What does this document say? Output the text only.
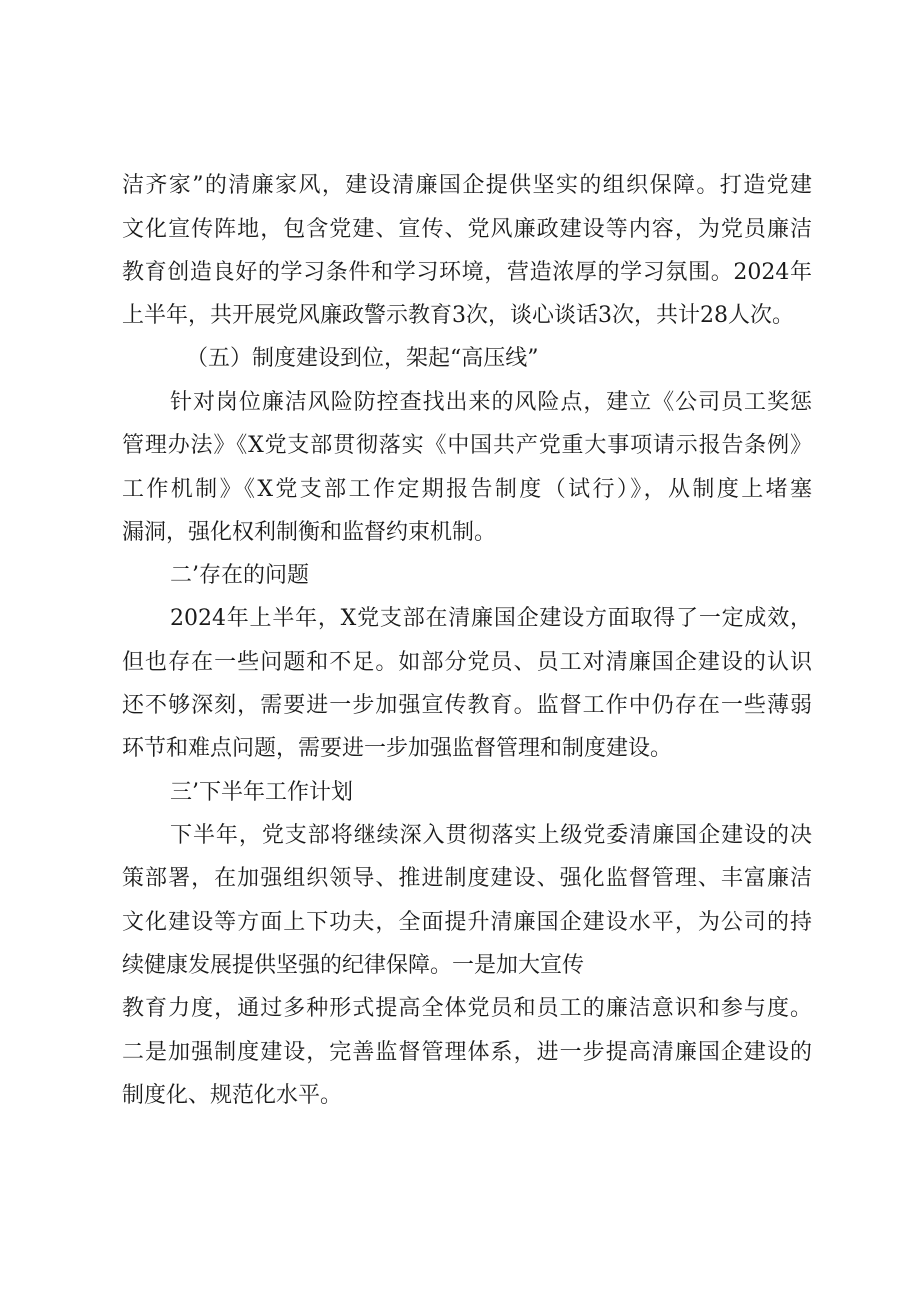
洁齐家”的清廉家风，建设清廉国企提供坚实的组织保障。打造党建
文化宣传阵地，包含党建、宣传、党风廉政建设等内容，为党员廉洁
教育创造良好的学习条件和学习环境，营造浓厚的学习氛围。2024年
上半年，共开展党风廉政警示教育3次，谈心谈话3次，共计28人次。
（五）制度建设到位，架起“高压线”
针对岗位廉洁风险防控查找出来的风险点，建立《公司员工奖惩
管理办法》《X党支部贯彻落实《中国共产党重大事项请示报告条例》
工作机制》《X党支部工作定期报告制度（试行）》，从制度上堵塞
漏洞，强化权利制衡和监督约束机制。
二’存在的问题
2024年上半年，X党支部在清廉国企建设方面取得了一定成效，
但也存在一些问题和不足。如部分党员、员工对清廉国企建设的认识
还不够深刻，需要进一步加强宣传教育。监督工作中仍存在一些薄弱
环节和难点问题，需要进一步加强监督管理和制度建设。
三’下半年工作计划
下半年，党支部将继续深入贯彻落实上级党委清廉国企建设的决
策部署，在加强组织领导、推进制度建设、强化监督管理、丰富廉洁
文化建设等方面上下功夫，全面提升清廉国企建设水平，为公司的持
续健康发展提供坚强的纪律保障。一是加大宣传
教育力度，通过多种形式提高全体党员和员工的廉洁意识和参与度。
二是加强制度建设，完善监督管理体系，进一步提高清廉国企建设的
制度化、规范化水平。
